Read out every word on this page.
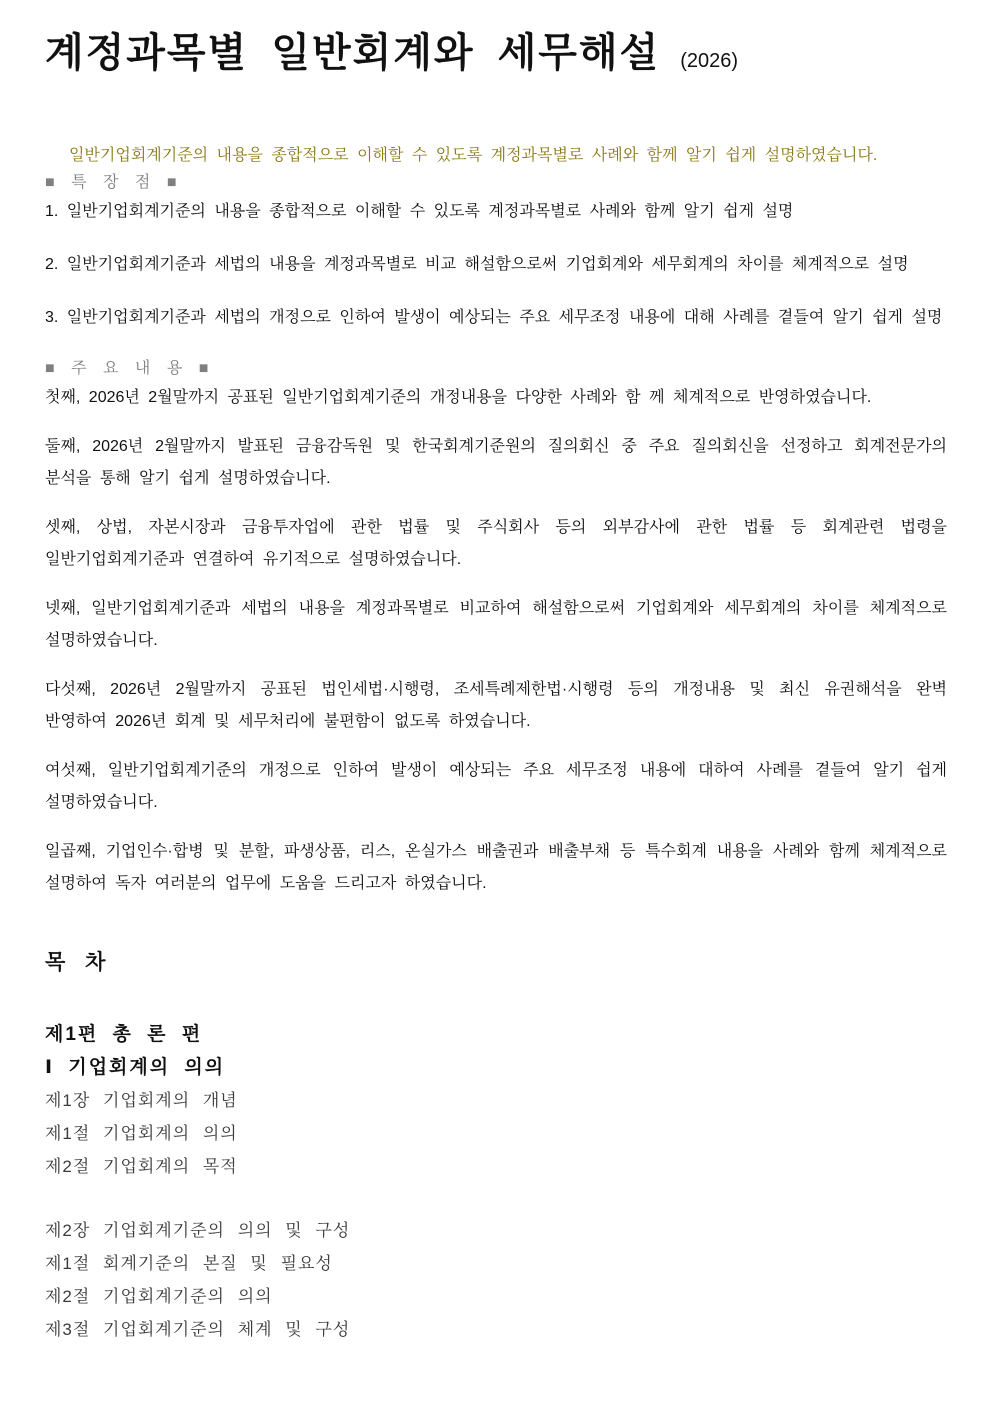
계정과목별 일반회계와 세무해설 (2026)

일반기업회계기준의 내용을 종합적으로 이해할 수 있도록 계정과목별로 사례와 함께 알기 쉽게 설명하였습니다.

■ 특 장 점 ■

1. 일반기업회계기준의 내용을 종합적으로 이해할 수 있도록 계정과목별로 사례와 함께 알기 쉽게 설명

2. 일반기업회계기준과 세법의 내용을 계정과목별로 비교 해설함으로써 기업회계와 세무회계의 차이를 체계적으로 설명

3. 일반기업회계기준과 세법의 개정으로 인하여 발생이 예상되는 주요 세무조정 내용에 대해 사례를 곁들여 알기 쉽게 설명

■ 주 요 내 용 ■

첫째, 2026년 2월말까지 공표된 일반기업회계기준의 개정내용을 다양한 사례와 함 께 체계적으로 반영하였습니다.

둘째, 2026년 2월말까지 발표된 금융감독원 및 한국회계기준원의 질의회신 중 주요 질의회신을 선정하고 회계전문가의 분석을 통해 알기 쉽게 설명하였습니다.

셋째, 상법, 자본시장과 금융투자업에 관한 법률 및 주식회사 등의 외부감사에 관한 법률 등 회계관련 법령을 일반기업회계기준과 연결하여 유기적으로 설명하였습니다.

넷째, 일반기업회계기준과 세법의 내용을 계정과목별로 비교하여 해설함으로써 기업회계와 세무회계의 차이를 체계적으로 설명하였습니다.

다섯째, 2026년 2월말까지 공표된 법인세법·시행령, 조세특례제한법·시행령 등의 개정내용 및 최신 유권해석을 완벽 반영하여 2026년 회계 및 세무처리에 불편함이 없도록 하였습니다.

여섯째, 일반기업회계기준의 개정으로 인하여 발생이 예상되는 주요 세무조정 내용에 대하여 사례를 곁들여 알기 쉽게 설명하였습니다.

일곱째, 기업인수·합병 및 분할, 파생상품, 리스, 온실가스 배출권과 배출부채 등 특수회계 내용을 사례와 함께 체계적으로 설명하여 독자 여러분의 업무에 도움을 드리고자 하였습니다.

목 차
제1편 총 론 편
Ⅰ 기업회계의 의의
제1장 기업회계의 개념
제1절 기업회계의 의의
제2절 기업회계의 목적
제2장 기업회계기준의 의의 및 구성
제1절 회계기준의 본질 및 필요성
제2절 기업회계기준의 의의
제3절 기업회계기준의 체계 및 구성
